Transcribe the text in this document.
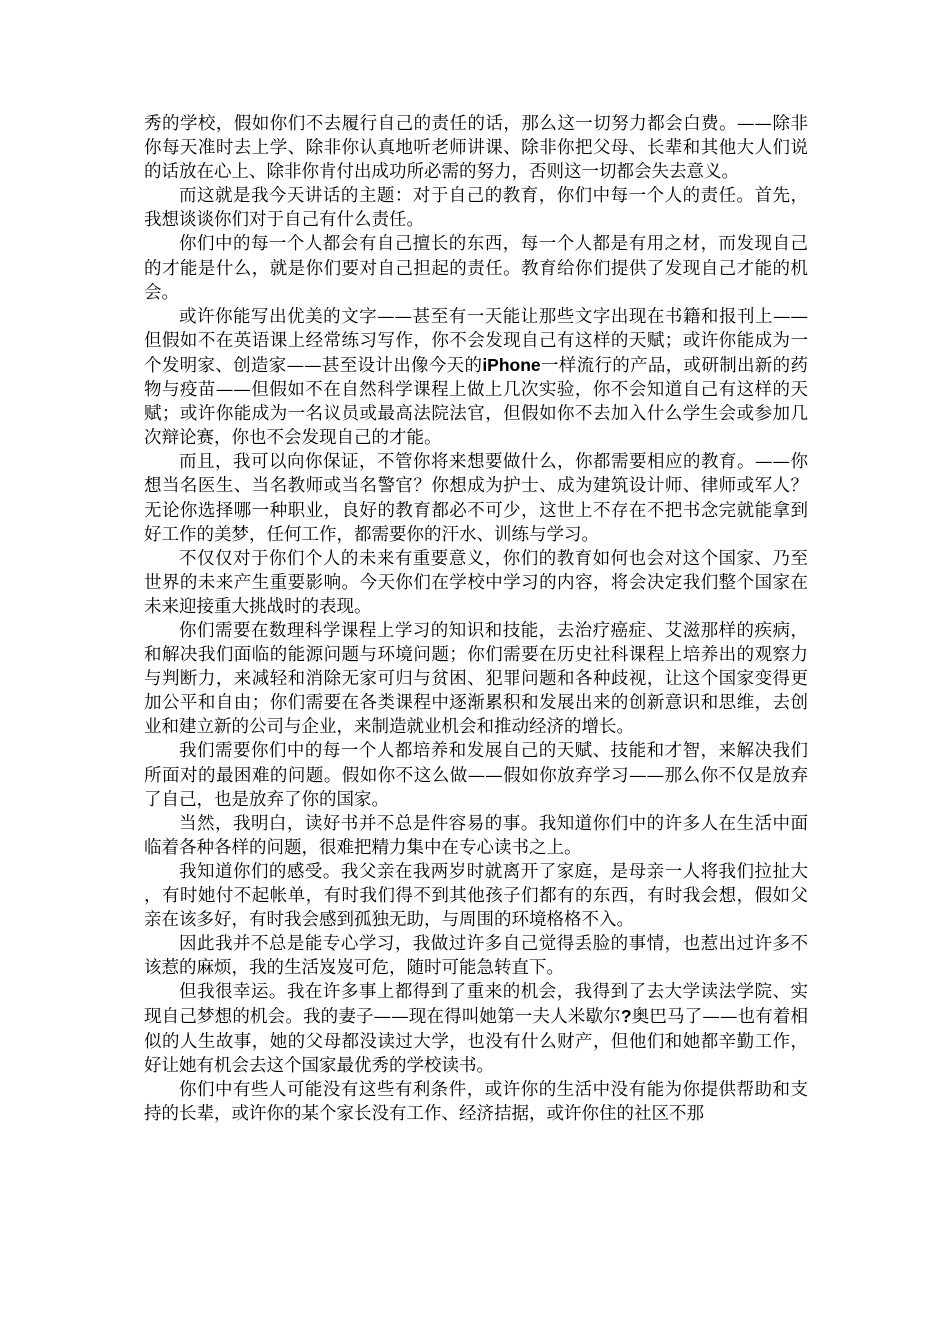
秀的学校，假如你们不去履行自己的责任的话，那么这一切努力都会白费。——除非你每天准时去上学、除非你认真地听老师讲课、除非你把父母、长辈和其他大人们说的话放在心上、除非你肯付出成功所必需的努力，否则这一切都会失去意义。

而这就是我今天讲话的主题：对于自己的教育，你们中每一个人的责任。首先，我想谈谈你们对于自己有什么责任。

你们中的每一个人都会有自己擅长的东西，每一个人都是有用之材，而发现自己的才能是什么，就是你们要对自己担起的责任。教育给你们提供了发现自己才能的机会。

或许你能写出优美的文字——甚至有一天能让那些文字出现在书籍和报刊上——但假如不在英语课上经常练习写作，你不会发现自己有这样的天赋；或许你能成为一个发明家、创造家——甚至设计出像今天的iPhone一样流行的产品，或研制出新的药物与疫苗——但假如不在自然科学课程上做上几次实验，你不会知道自己有这样的天赋；或许你能成为一名议员或最高法院法官，但假如你不去加入什么学生会或参加几次辩论赛，你也不会发现自己的才能。

而且，我可以向你保证，不管你将来想要做什么，你都需要相应的教育。——你想当名医生、当名教师或当名警官？你想成为护士、成为建筑设计师、律师或军人？无论你选择哪一种职业，良好的教育都必不可少，这世上不存在不把书念完就能拿到好工作的美梦，任何工作，都需要你的汗水、训练与学习。

不仅仅对于你们个人的未来有重要意义，你们的教育如何也会对这个国家、乃至世界的未来产生重要影响。今天你们在学校中学习的内容，将会决定我们整个国家在未来迎接重大挑战时的表现。

你们需要在数理科学课程上学习的知识和技能，去治疗癌症、艾滋那样的疾病，和解决我们面临的能源问题与环境问题；你们需要在历史社科课程上培养出的观察力与判断力，来减轻和消除无家可归与贫困、犯罪问题和各种歧视，让这个国家变得更加公平和自由；你们需要在各类课程中逐渐累积和发展出来的创新意识和思维，去创业和建立新的公司与企业，来制造就业机会和推动经济的增长。

我们需要你们中的每一个人都培养和发展自己的天赋、技能和才智，来解决我们所面对的最困难的问题。假如你不这么做——假如你放弃学习——那么你不仅是放弃了自己，也是放弃了你的国家。

当然，我明白，读好书并不总是件容易的事。我知道你们中的许多人在生活中面临着各种各样的问题，很难把精力集中在专心读书之上。

我知道你们的感受。我父亲在我两岁时就离开了家庭，是母亲一人将我们拉扯大，有时她付不起帐单，有时我们得不到其他孩子们都有的东西，有时我会想，假如父亲在该多好，有时我会感到孤独无助，与周围的环境格格不入。

因此我并不总是能专心学习，我做过许多自己觉得丢脸的事情，也惹出过许多不该惹的麻烦，我的生活岌岌可危，随时可能急转直下。

但我很幸运。我在许多事上都得到了重来的机会，我得到了去大学读法学院、实现自己梦想的机会。我的妻子——现在得叫她第一夫人米歇尔?奥巴马了——也有着相似的人生故事，她的父母都没读过大学，也没有什么财产，但他们和她都辛勤工作，好让她有机会去这个国家最优秀的学校读书。

你们中有些人可能没有这些有利条件，或许你的生活中没有能为你提供帮助和支持的长辈，或许你的某个家长没有工作、经济拮据，或许你住的社区不那
